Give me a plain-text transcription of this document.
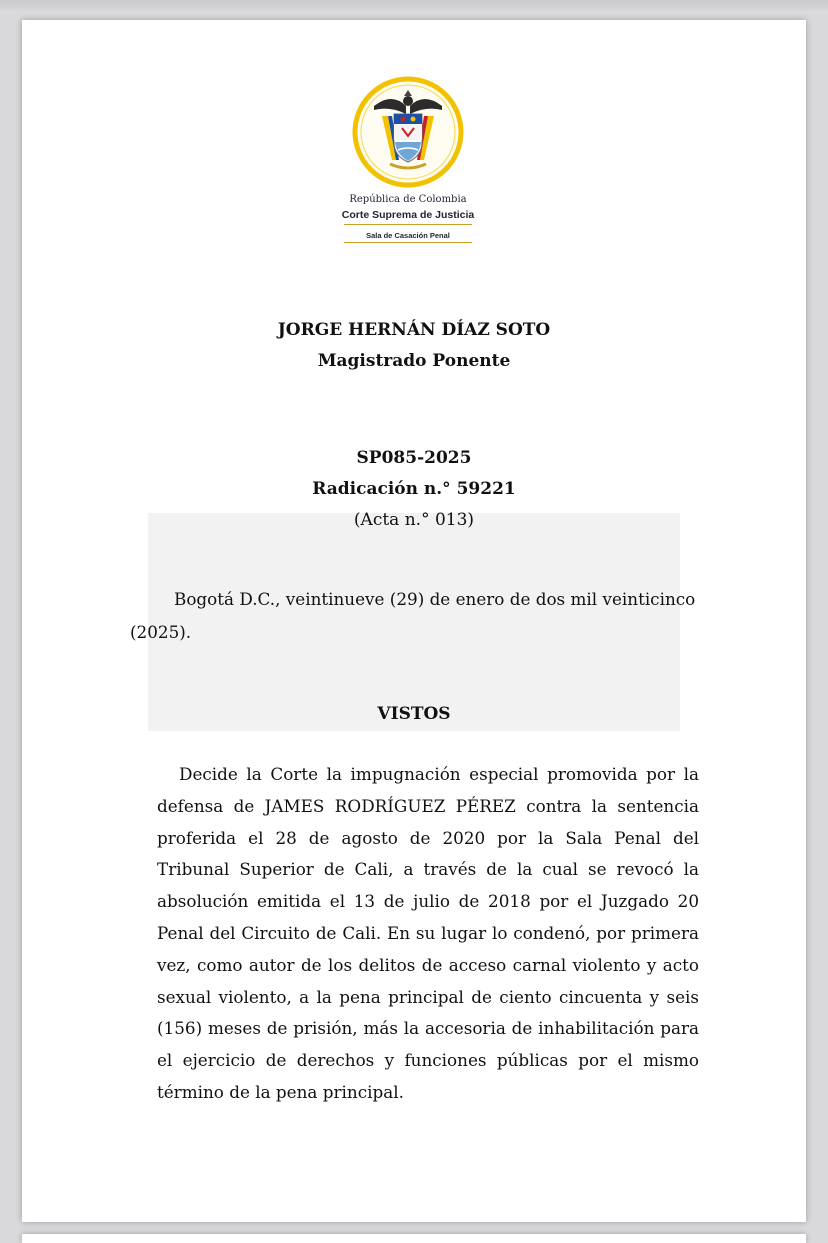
República de Colombia
Corte Suprema de Justicia
Sala de Casación Penal
JORGE HERNÁN DÍAZ SOTO
Magistrado Ponente
SP085-2025
Radicación n.° 59221
(Acta n.° 013)
Bogotá D.C., veintinueve (29) de enero de dos mil veinticinco (2025).
VISTOS
Decide la Corte la impugnación especial promovida por la defensa de JAMES RODRÍGUEZ PÉREZ contra la sentencia proferida el 28 de agosto de 2020 por la Sala Penal del Tribunal Superior de Cali, a través de la cual se revocó la absolución emitida el 13 de julio de 2018 por el Juzgado 20 Penal del Circuito de Cali. En su lugar lo condenó, por primera vez, como autor de los delitos de acceso carnal violento y acto sexual violento, a la pena principal de ciento cincuenta y seis (156) meses de prisión, más la accesoria de inhabilitación para el ejercicio de derechos y funciones públicas por el mismo término de la pena principal.
